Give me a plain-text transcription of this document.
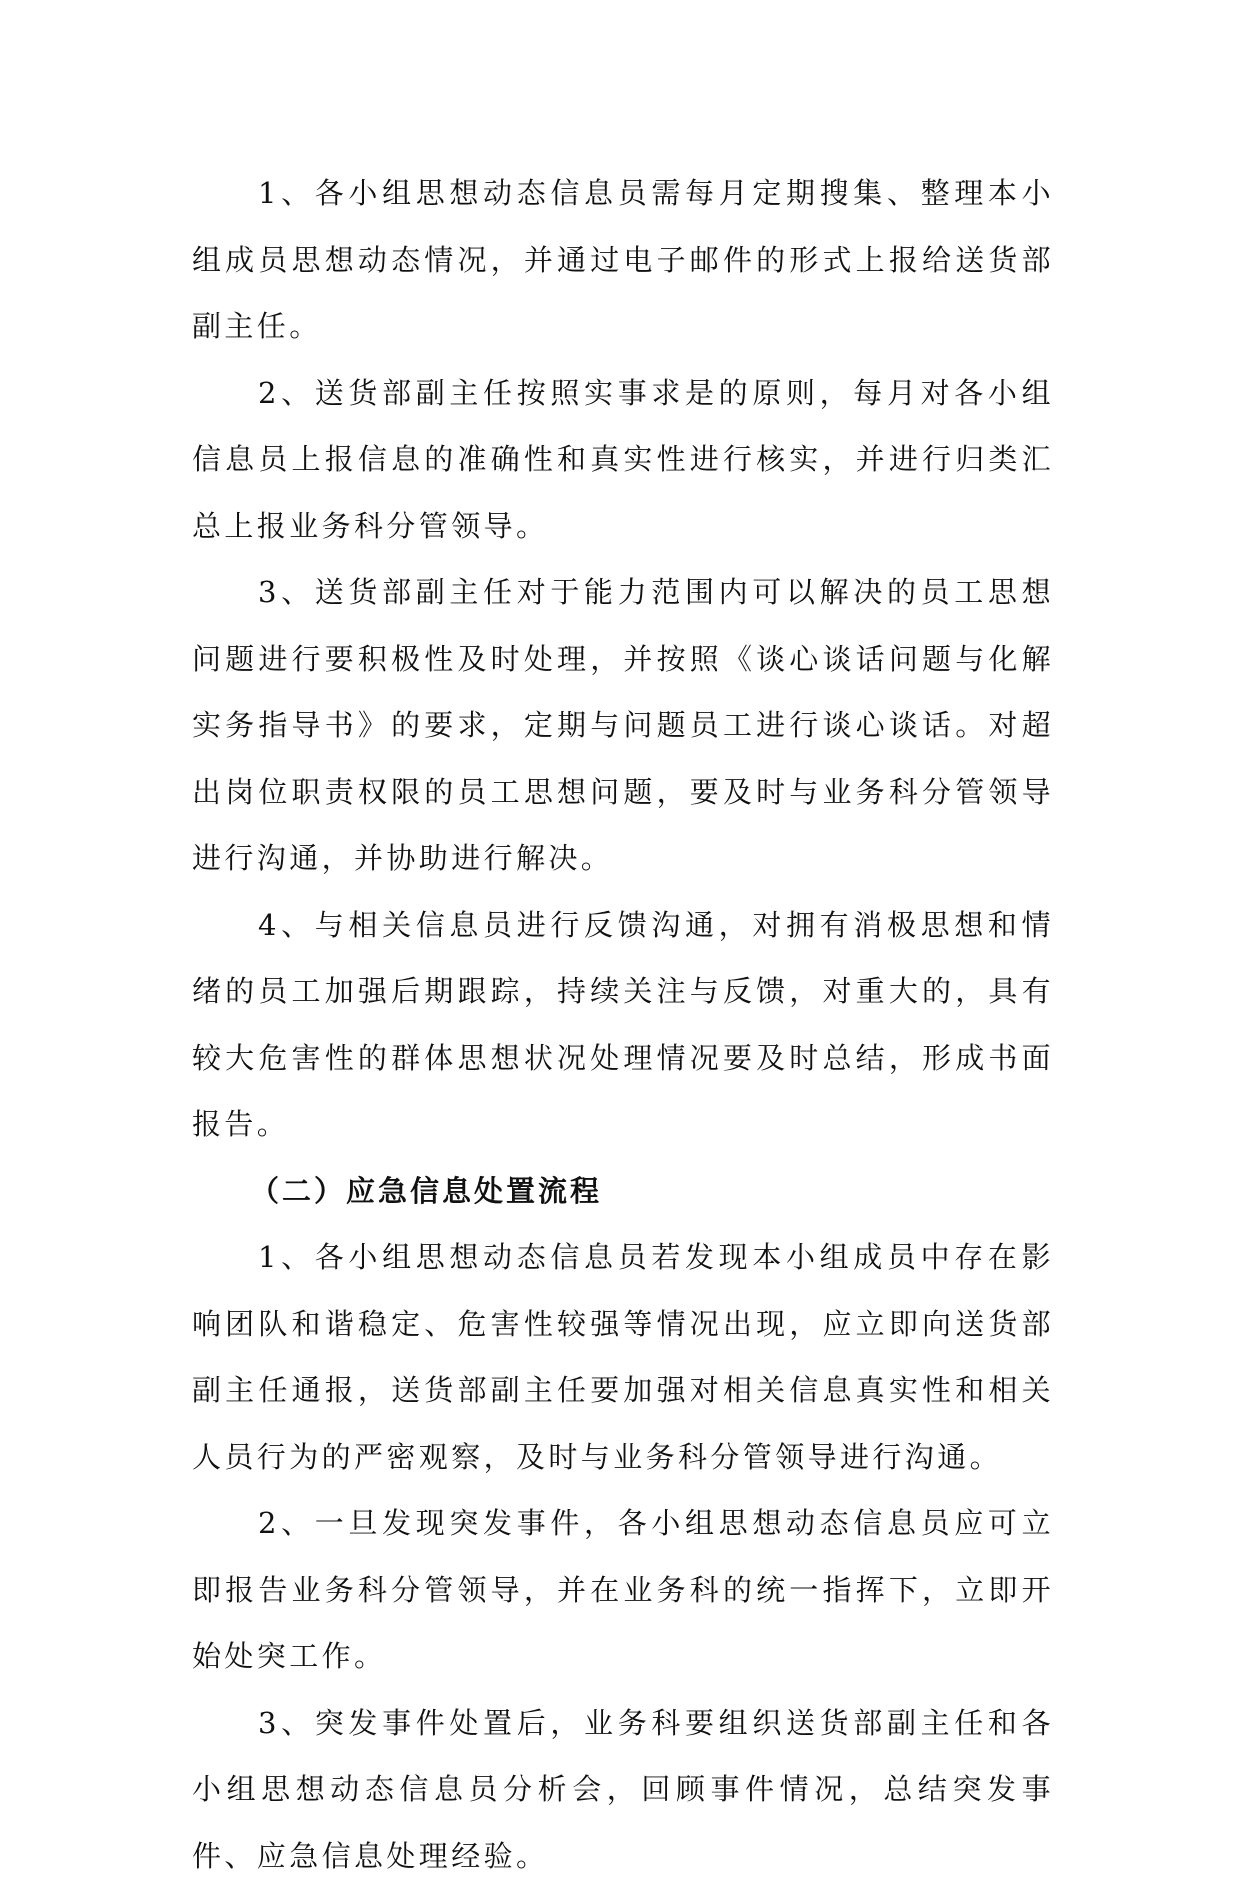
1、各小组思想动态信息员需每月定期搜集、整理本小组成员思想动态情况，并通过电子邮件的形式上报给送货部副主任。

2、送货部副主任按照实事求是的原则，每月对各小组信息员上报信息的准确性和真实性进行核实，并进行归类汇总上报业务科分管领导。

3、送货部副主任对于能力范围内可以解决的员工思想问题进行要积极性及时处理，并按照《谈心谈话问题与化解实务指导书》的要求，定期与问题员工进行谈心谈话。对超出岗位职责权限的员工思想问题，要及时与业务科分管领导进行沟通，并协助进行解决。

4、与相关信息员进行反馈沟通，对拥有消极思想和情绪的员工加强后期跟踪，持续关注与反馈，对重大的，具有较大危害性的群体思想状况处理情况要及时总结，形成书面报告。

（二）应急信息处置流程

1、各小组思想动态信息员若发现本小组成员中存在影响团队和谐稳定、危害性较强等情况出现，应立即向送货部副主任通报，送货部副主任要加强对相关信息真实性和相关人员行为的严密观察，及时与业务科分管领导进行沟通。

2、一旦发现突发事件，各小组思想动态信息员应可立即报告业务科分管领导，并在业务科的统一指挥下，立即开始处突工作。

3、突发事件处置后，业务科要组织送货部副主任和各小组思想动态信息员分析会，回顾事件情况，总结突发事件、应急信息处理经验。
